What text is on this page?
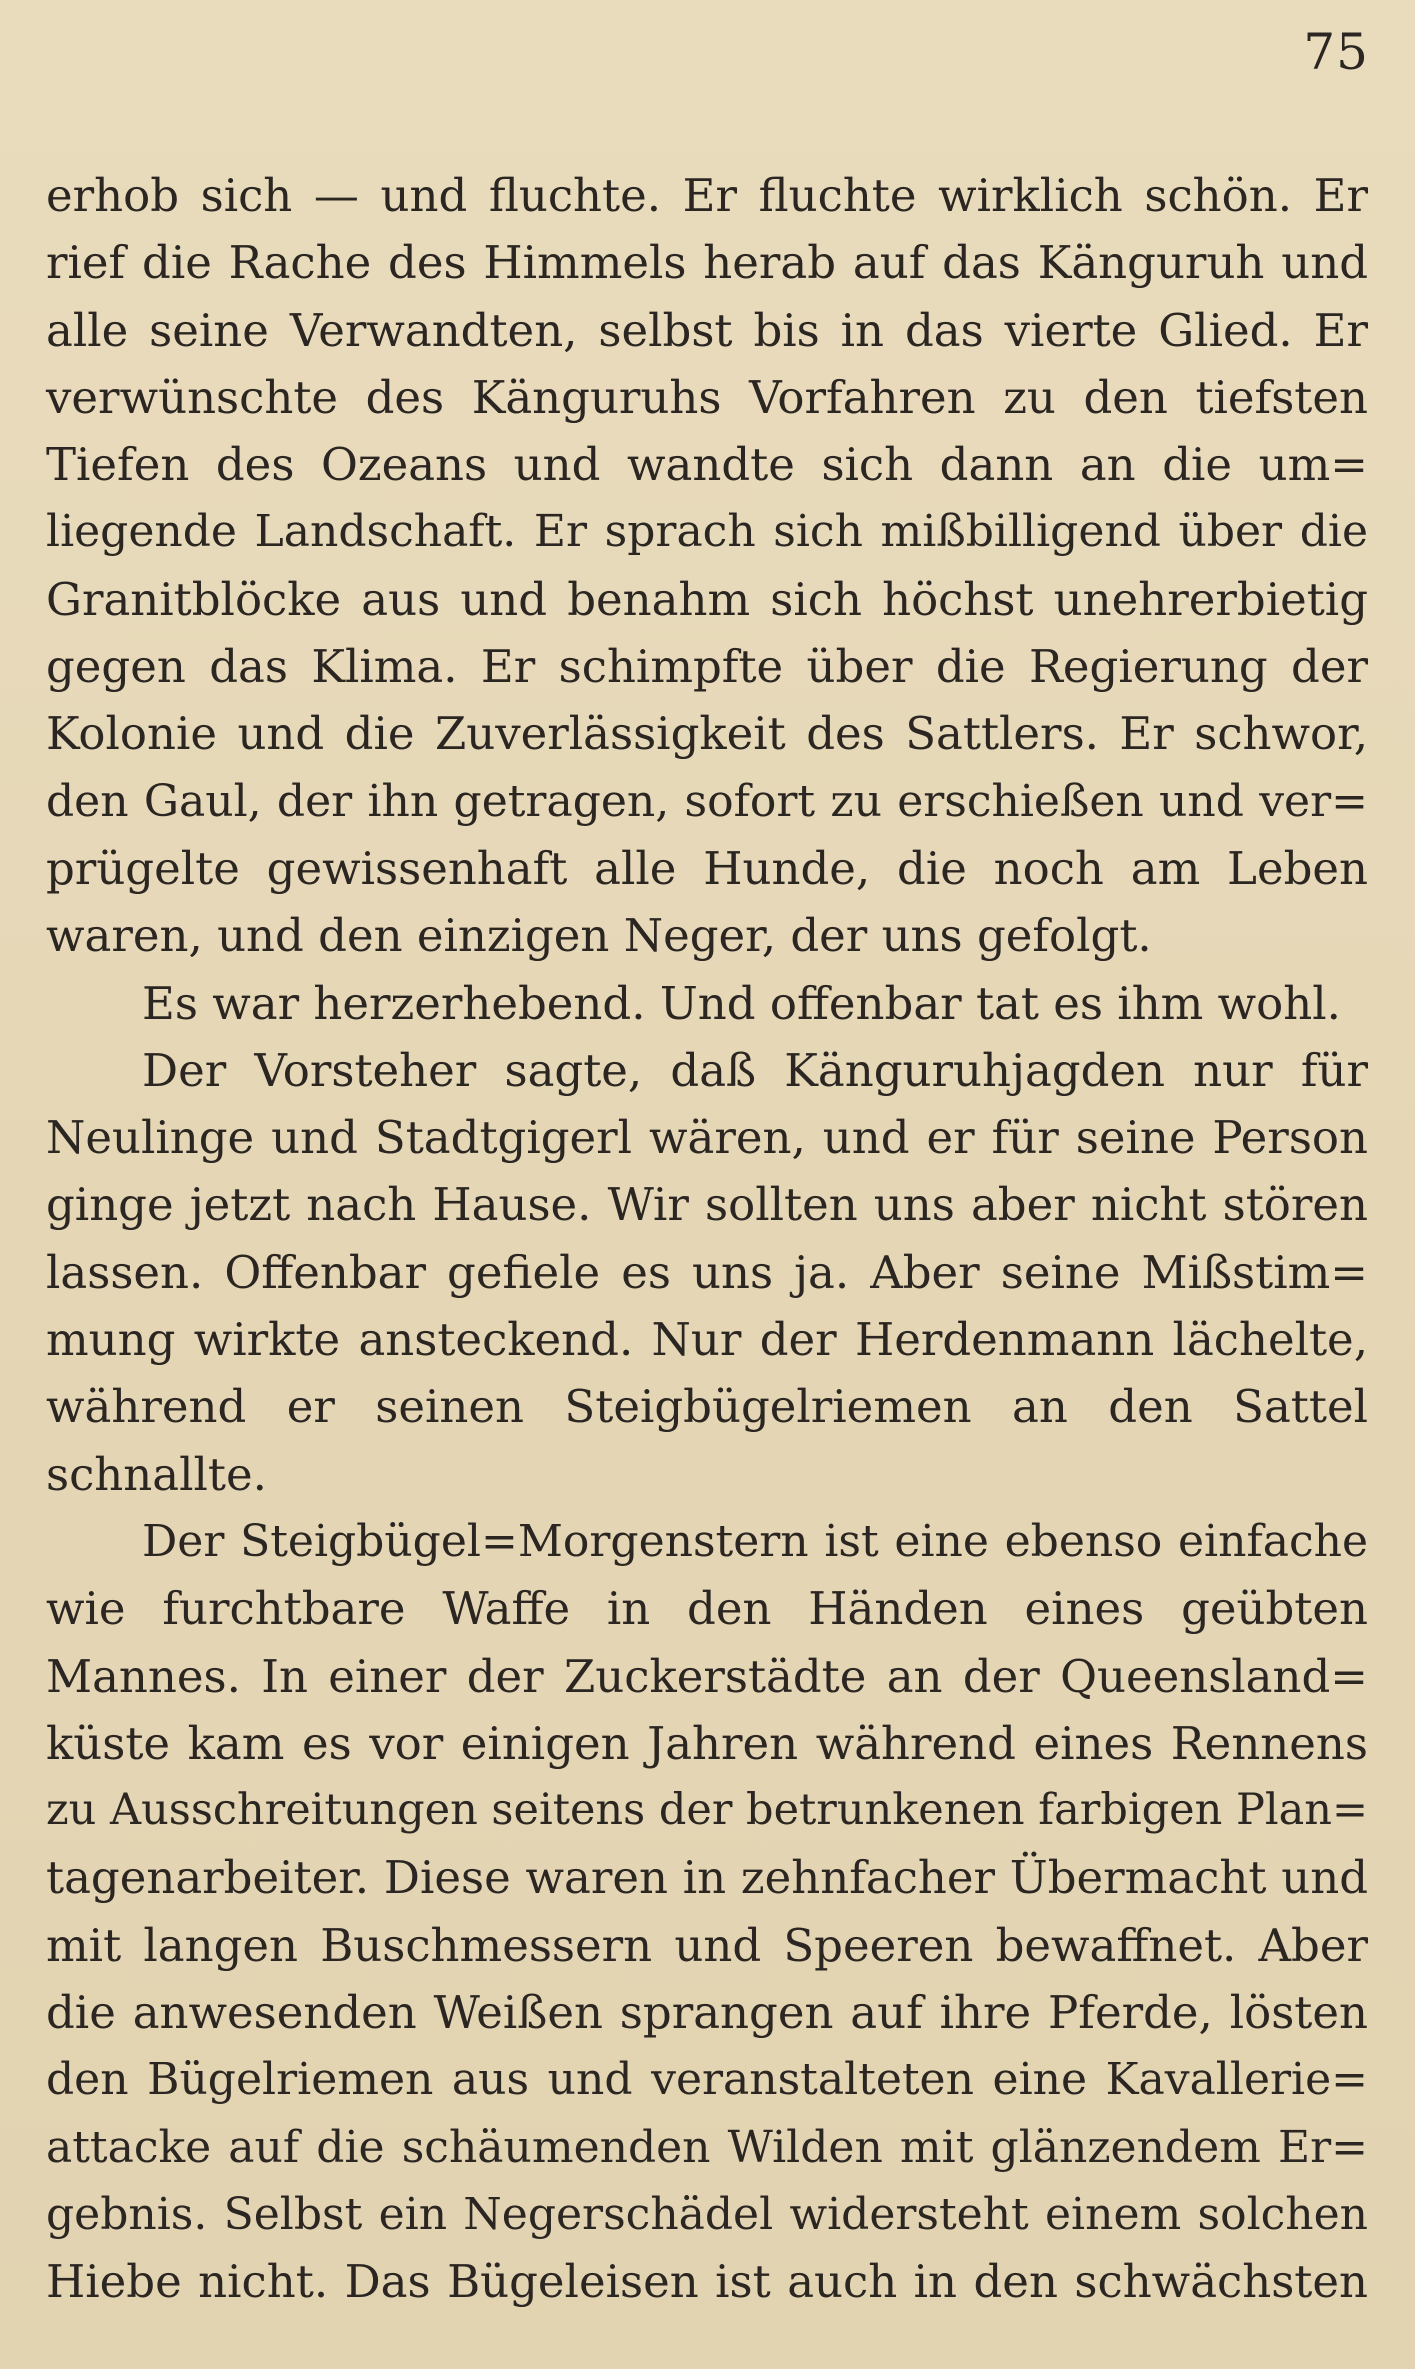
75
erhob sich — und fluchte. Er fluchte wirklich schön. Er
rief die Rache des Himmels herab auf das Känguruh und
alle seine Verwandten, selbst bis in das vierte Glied. Er
verwünschte des Känguruhs Vorfahren zu den tiefsten
Tiefen des Ozeans und wandte sich dann an die um=
liegende Landschaft. Er sprach sich mißbilligend über die
Granitblöcke aus und benahm sich höchst unehrerbietig
gegen das Klima. Er schimpfte über die Regierung der
Kolonie und die Zuverlässigkeit des Sattlers. Er schwor,
den Gaul, der ihn getragen, sofort zu erschießen und ver=
prügelte gewissenhaft alle Hunde, die noch am Leben
waren, und den einzigen Neger, der uns gefolgt.
Es war herzerhebend. Und offenbar tat es ihm wohl.
Der Vorsteher sagte, daß Känguruhjagden nur für
Neulinge und Stadtgigerl wären, und er für seine Person
ginge jetzt nach Hause. Wir sollten uns aber nicht stören
lassen. Offenbar gefiele es uns ja. Aber seine Mißstim=
mung wirkte ansteckend. Nur der Herdenmann lächelte,
während er seinen Steigbügelriemen an den Sattel
schnallte.
Der Steigbügel=Morgenstern ist eine ebenso einfache
wie furchtbare Waffe in den Händen eines geübten
Mannes. In einer der Zuckerstädte an der Queensland=
küste kam es vor einigen Jahren während eines Rennens
zu Ausschreitungen seitens der betrunkenen farbigen Plan=
tagenarbeiter. Diese waren in zehnfacher Übermacht und
mit langen Buschmessern und Speeren bewaffnet. Aber
die anwesenden Weißen sprangen auf ihre Pferde, lösten
den Bügelriemen aus und veranstalteten eine Kavallerie=
attacke auf die schäumenden Wilden mit glänzendem Er=
gebnis. Selbst ein Negerschädel widersteht einem solchen
Hiebe nicht. Das Bügeleisen ist auch in den schwächsten
